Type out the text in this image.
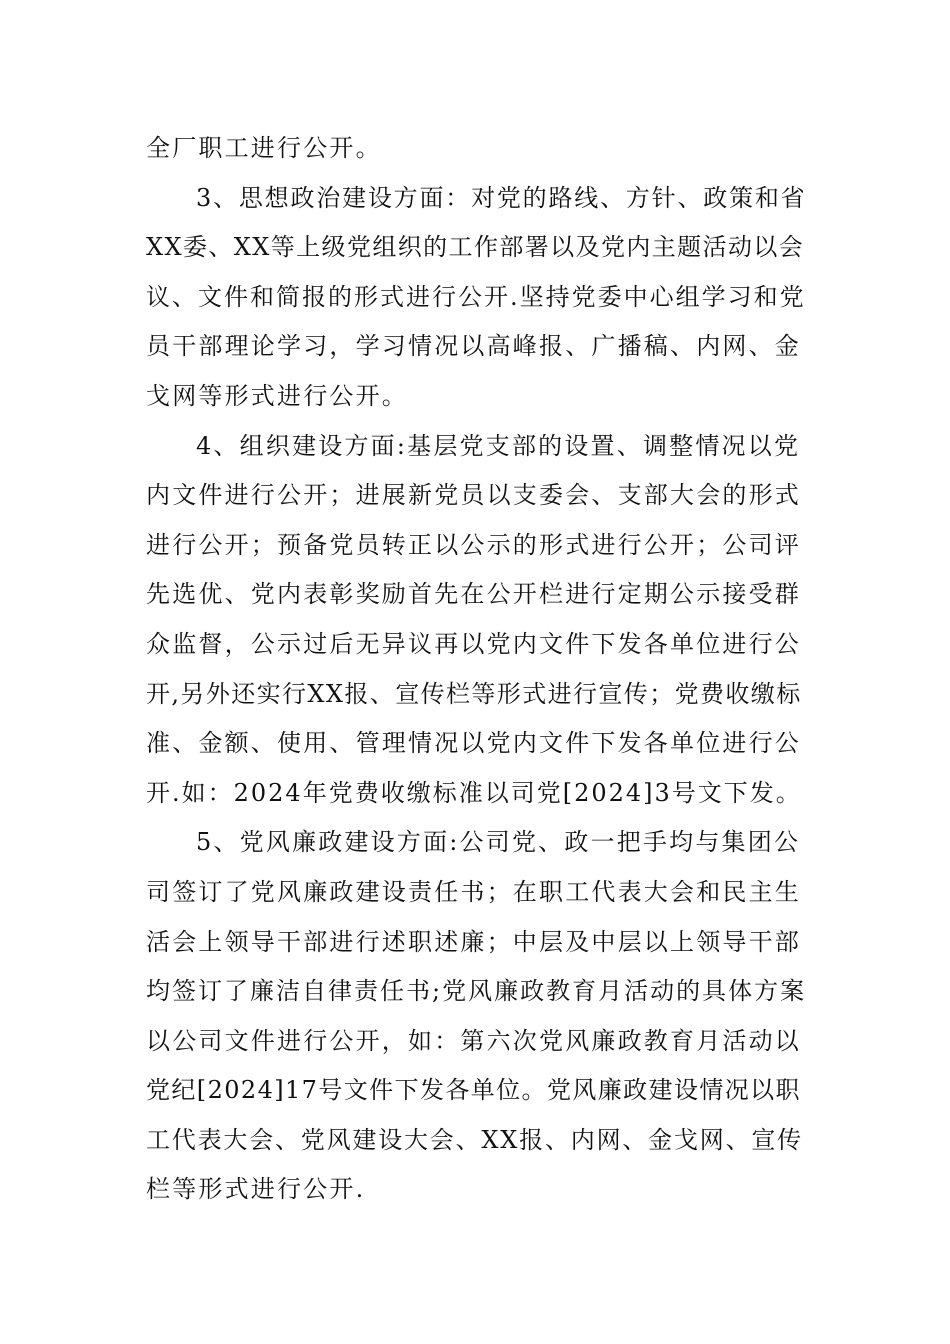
全厂职工进行公开。
3、思想政治建设方面：对党的路线、方针、政策和省
XX委、XX等上级党组织的工作部署以及党内主题活动以会
议、文件和简报的形式进行公开.坚持党委中心组学习和党
员干部理论学习，学习情况以高峰报、广播稿、内网、金
戈网等形式进行公开。
4、组织建设方面:基层党支部的设置、调整情况以党
内文件进行公开；进展新党员以支委会、支部大会的形式
进行公开；预备党员转正以公示的形式进行公开；公司评
先选优、党内表彰奖励首先在公开栏进行定期公示接受群
众监督，公示过后无异议再以党内文件下发各单位进行公
开,另外还实行XX报、宣传栏等形式进行宣传；党费收缴标
准、金额、使用、管理情况以党内文件下发各单位进行公
开.如：2024年党费收缴标准以司党[2024]3号文下发。
5、党风廉政建设方面:公司党、政一把手均与集团公
司签订了党风廉政建设责任书；在职工代表大会和民主生
活会上领导干部进行述职述廉；中层及中层以上领导干部
均签订了廉洁自律责任书;党风廉政教育月活动的具体方案
以公司文件进行公开，如：第六次党风廉政教育月活动以
党纪[2024]17号文件下发各单位。党风廉政建设情况以职
工代表大会、党风建设大会、XX报、内网、金戈网、宣传
栏等形式进行公开.
